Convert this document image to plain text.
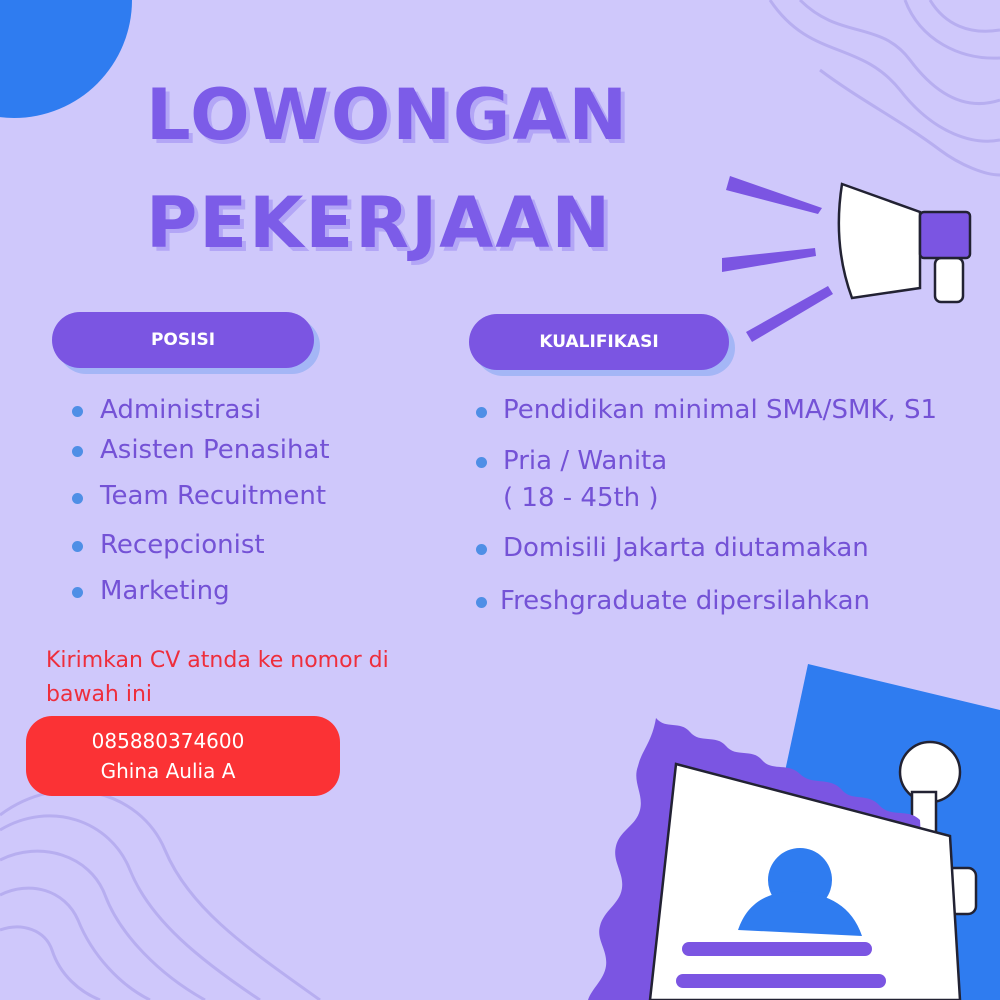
LOWONGAN
PEKERJAAN
POSISI	KUALIFIKASI
Administrasi
Asisten Penasihat
Team Recuitment
Recepcionist
Marketing
Pendidikan minimal SMA/SMK, S1
Pria / Wanita
( 18 - 45th )
Domisili Jakarta diutamakan
Freshgraduate dipersilahkan
Kirimkan CV atnda ke nomor di bawah ini
085880374600
Ghina Aulia A
